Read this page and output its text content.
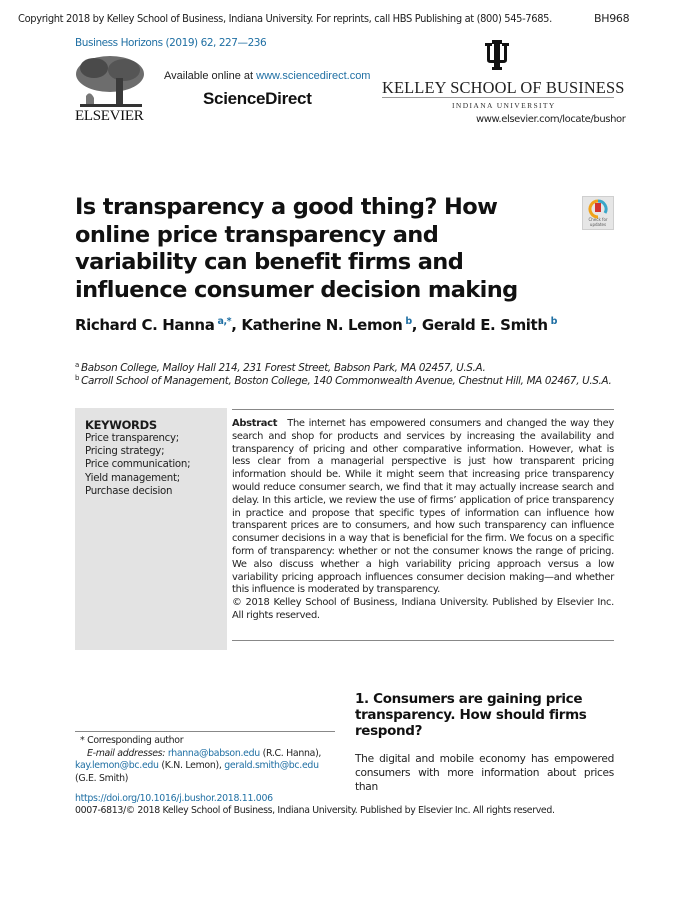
Copyright 2018 by Kelley School of Business, Indiana University. For reprints, call HBS Publishing at (800) 545-7685.	BH968
Business Horizons (2019) 62, 227—236
ELSEVIER
Available online at www.sciencedirect.com
ScienceDirect
KELLEY SCHOOL OF BUSINESS
INDIANA UNIVERSITY
www.elsevier.com/locate/bushor
Is transparency a good thing? How online price transparency and variability can benefit firms and influence consumer decision making
Check for updates
Richard C. Hanna $^{a,*}$, Katherine N. Lemon $^b$, Gerald E. Smith $^b$
$^a$ Babson College, Malloy Hall 214, 231 Forest Street, Babson Park, MA 02457, U.S.A.
$^b$ Carroll School of Management, Boston College, 140 Commonwealth Avenue, Chestnut Hill, MA 02467, U.S.A.
KEYWORDS
Price transparency;
Pricing strategy;
Price communication;
Yield management;
Purchase decision
Abstract The internet has empowered consumers and changed the way they search and shop for products and services by increasing the availability and transparency of pricing and other comparative information. However, what is less clear from a managerial perspective is just how transparent pricing information should be. While it might seem that increasing price transparency would reduce consumer search, we find that it may actually increase search and delay. In this article, we review the use of firms’ application of price transparency in practice and propose that specific types of information can influence how transparent prices are to consumers, and how such transparency can influence consumer decisions in a way that is beneficial for the firm. We focus on a specific form of transparency: whether or not the consumer knows the range of pricing. We also discuss whether a high variability pricing approach versus a low variability pricing approach influences consumer decision making—and whether this influence is moderated by transparency.
© 2018 Kelley School of Business, Indiana University. Published by Elsevier Inc. All rights reserved.
1. Consumers are gaining price transparency. How should firms respond?
The digital and mobile economy has empowered consumers with more information about prices than
* Corresponding author
E-mail addresses: rhanna@babson.edu (R.C. Hanna),
kay.lemon@bc.edu (K.N. Lemon), gerald.smith@bc.edu
(G.E. Smith)
https://doi.org/10.1016/j.bushor.2018.11.006
0007-6813/© 2018 Kelley School of Business, Indiana University. Published by Elsevier Inc. All rights reserved.
